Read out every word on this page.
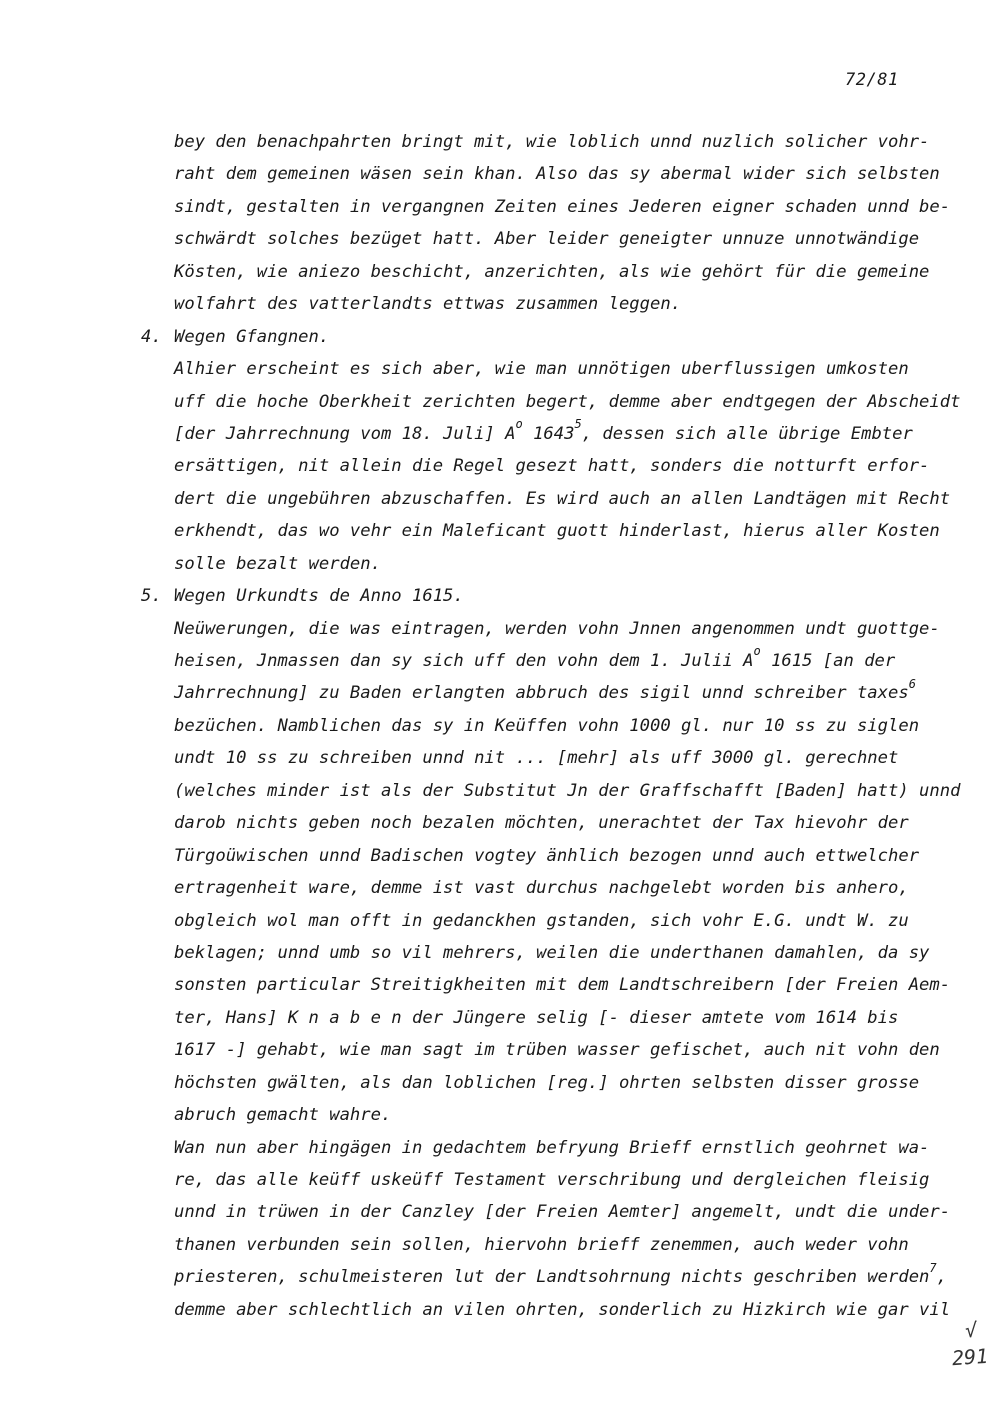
72/81
bey den benachpahrten bringt mit, wie loblich unnd nuzlich solicher vohr-
raht dem gemeinen wäsen sein khan. Also das sy abermal wider sich selbsten
sindt, gestalten in vergangnen Zeiten eines Jederen eigner schaden unnd be-
schwärdt solches bezüget hatt. Aber leider geneigter unnuze unnotwändige
Kösten, wie aniezo beschicht, anzerichten, als wie gehört für die gemeine
wolfahrt des vatterlandts ettwas zusammen leggen.
4. Wegen Gfangnen.
Alhier erscheint es sich aber, wie man unnötigen uberflussigen umkosten
uff die hoche Oberkheit zerichten begert, demme aber endtgegen der Abscheidt
[der Jahrrechnung vom 18. Juli] $A^o$ 1643$^5$, dessen sich alle übrige Embter
ersättigen, nit allein die Regel gesezt hatt, sonders die notturft erfor-
dert die ungebühren abzuschaffen. Es wird auch an allen Landtägen mit Recht
erkhendt, das wo vehr ein Maleficant guott hinderlast, hierus aller Kosten
solle bezalt werden.
5. Wegen Urkundts de Anno 1615.
Neüwerungen, die was eintragen, werden vohn Jnnen angenommen undt guottge-
heisen, Jnmassen dan sy sich uff den vohn dem 1. Julii $A^o$ 1615 [an der
Jahrrechnung] zu Baden erlangten abbruch des sigil unnd schreiber taxes$^6$
bezüchen. Namblichen das sy in Keüffen vohn 1000 gl. nur 10 ss zu siglen
undt 10 ss zu schreiben unnd nit ... [mehr] als uff 3000 gl. gerechnet
(welches minder ist als der Substitut Jn der Graffschafft [Baden] hatt) unnd
darob nichts geben noch bezalen möchten, unerachtet der Tax hievohr der
Türgoüwischen unnd Badischen vogtey änhlich bezogen unnd auch ettwelcher
ertragenheit ware, demme ist vast durchus nachgelebt worden bis anhero,
obgleich wol man offt in gedanckhen gstanden, sich vohr E.G. undt W. zu
beklagen; unnd umb so vil mehrers, weilen die underthanen damahlen, da sy
sonsten particular Streitigkheiten mit dem Landtschreibern [der Freien Aem-
ter, Hans] K n a b e n der Jüngere selig [- dieser amtete vom 1614 bis
1617 -] gehabt, wie man sagt im trüben wasser gefischet, auch nit vohn den
höchsten gwälten, als dan loblichen [reg.] ohrten selbsten disser grosse
abruch gemacht wahre.
Wan nun aber hingägen in gedachtem befryung Brieff ernstlich geohrnet wa-
re, das alle keüff uskeüff Testament verschribung und dergleichen fleisig
unnd in trüwen in der Canzley [der Freien Aemter] angemelt, undt die under-
thanen verbunden sein sollen, hiervohn brieff zenemmen, auch weder vohn
priesteren, schulmeisteren lut der Landtsohrnung nichts geschriben werden$^7$,
demme aber schlechtlich an vilen ohrten, sonderlich zu Hizkirch wie gar vil
√
291
